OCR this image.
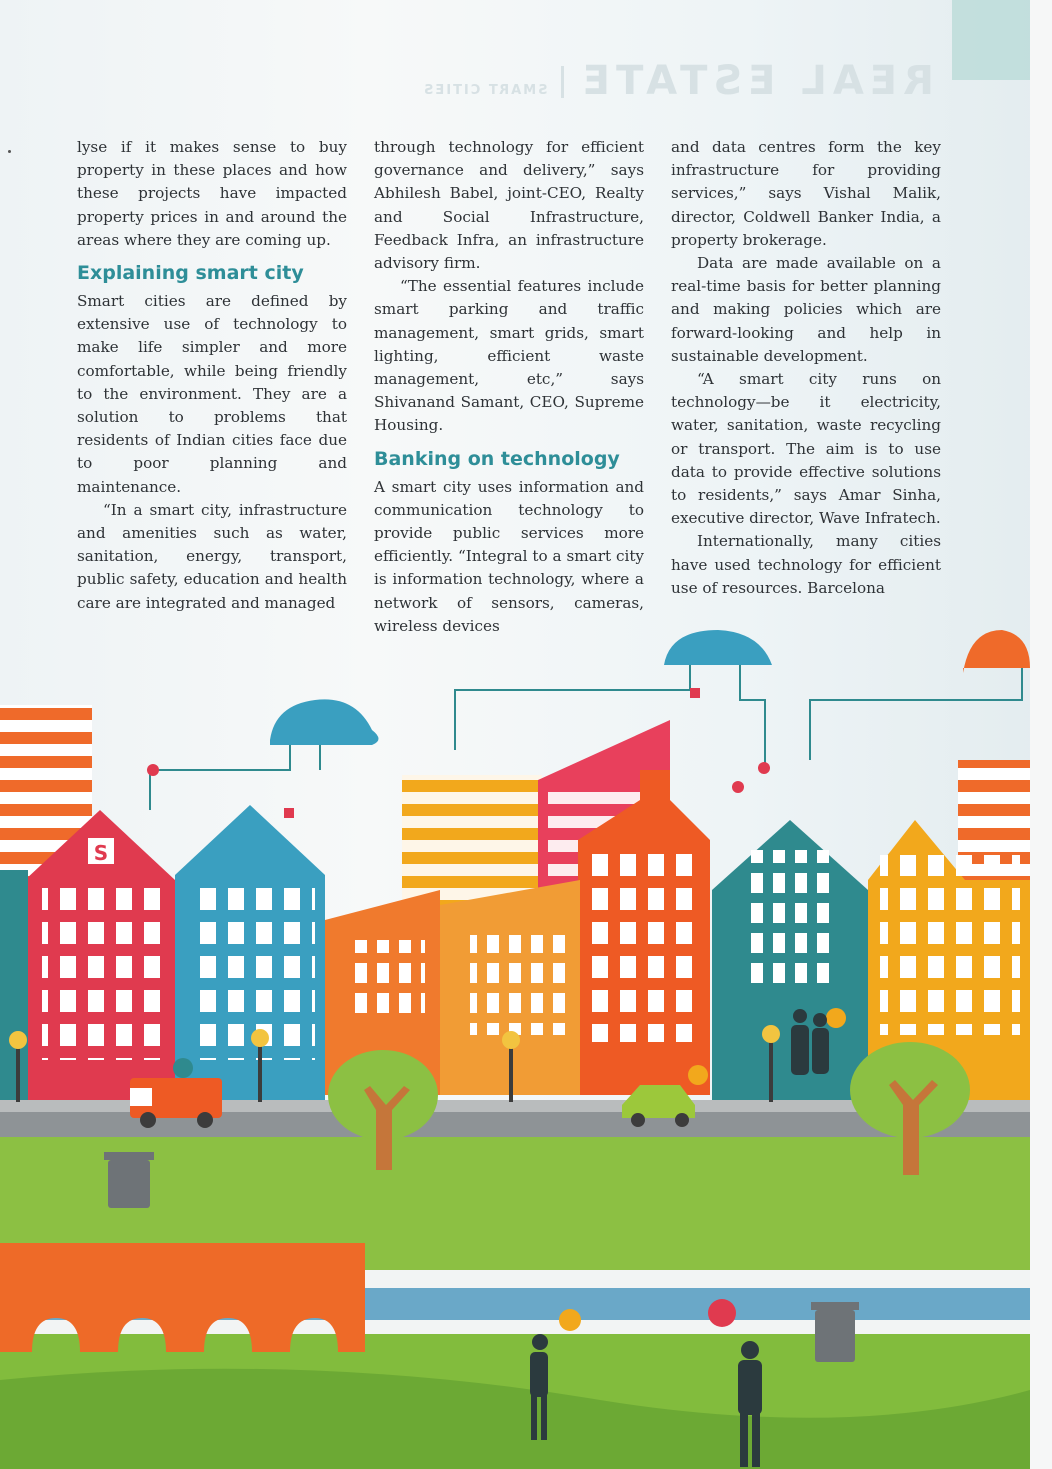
REAL ESTATE  SMART CITIES

lyse if it makes sense to buy property in these places and how these projects have impacted property prices in and around the areas where they are coming up.

Explaining smart city

Smart cities are defined by extensive use of technology to make life simpler and more comfortable, while being friendly to the environment. They are a solution to problems that residents of Indian cities face due to poor planning and maintenance.

“In a smart city, infrastructure and amenities such as water, sanitation, energy, transport, public safety, education and health care are integrated and managed

through technology for efficient governance and delivery,” says Abhilesh Babel, joint-CEO, Realty and Social Infrastructure, Feedback Infra, an infrastructure advisory firm.

“The essential features include smart parking and traffic management, smart grids, smart lighting, efficient waste management, etc,” says Shivanand Samant, CEO, Supreme Housing.

Banking on technology

A smart city uses information and communication technology to provide public services more efficiently. “Integral to a smart city is information technology, where a network of sensors, cameras, wireless devices

and data centres form the key infrastructure for providing services,” says Vishal Malik, director, Coldwell Banker India, a property brokerage.

Data are made available on a real-time basis for better planning and making policies which are forward-looking and help in sustainable development.

“A smart city runs on technology—be it electricity, water, sanitation, waste recycling or transport. The aim is to use data to provide effective solutions to residents,” says Amar Sinha, executive director, Wave Infratech.

Internationally, many cities have used technology for efficient use of resources. Barcelona

S
